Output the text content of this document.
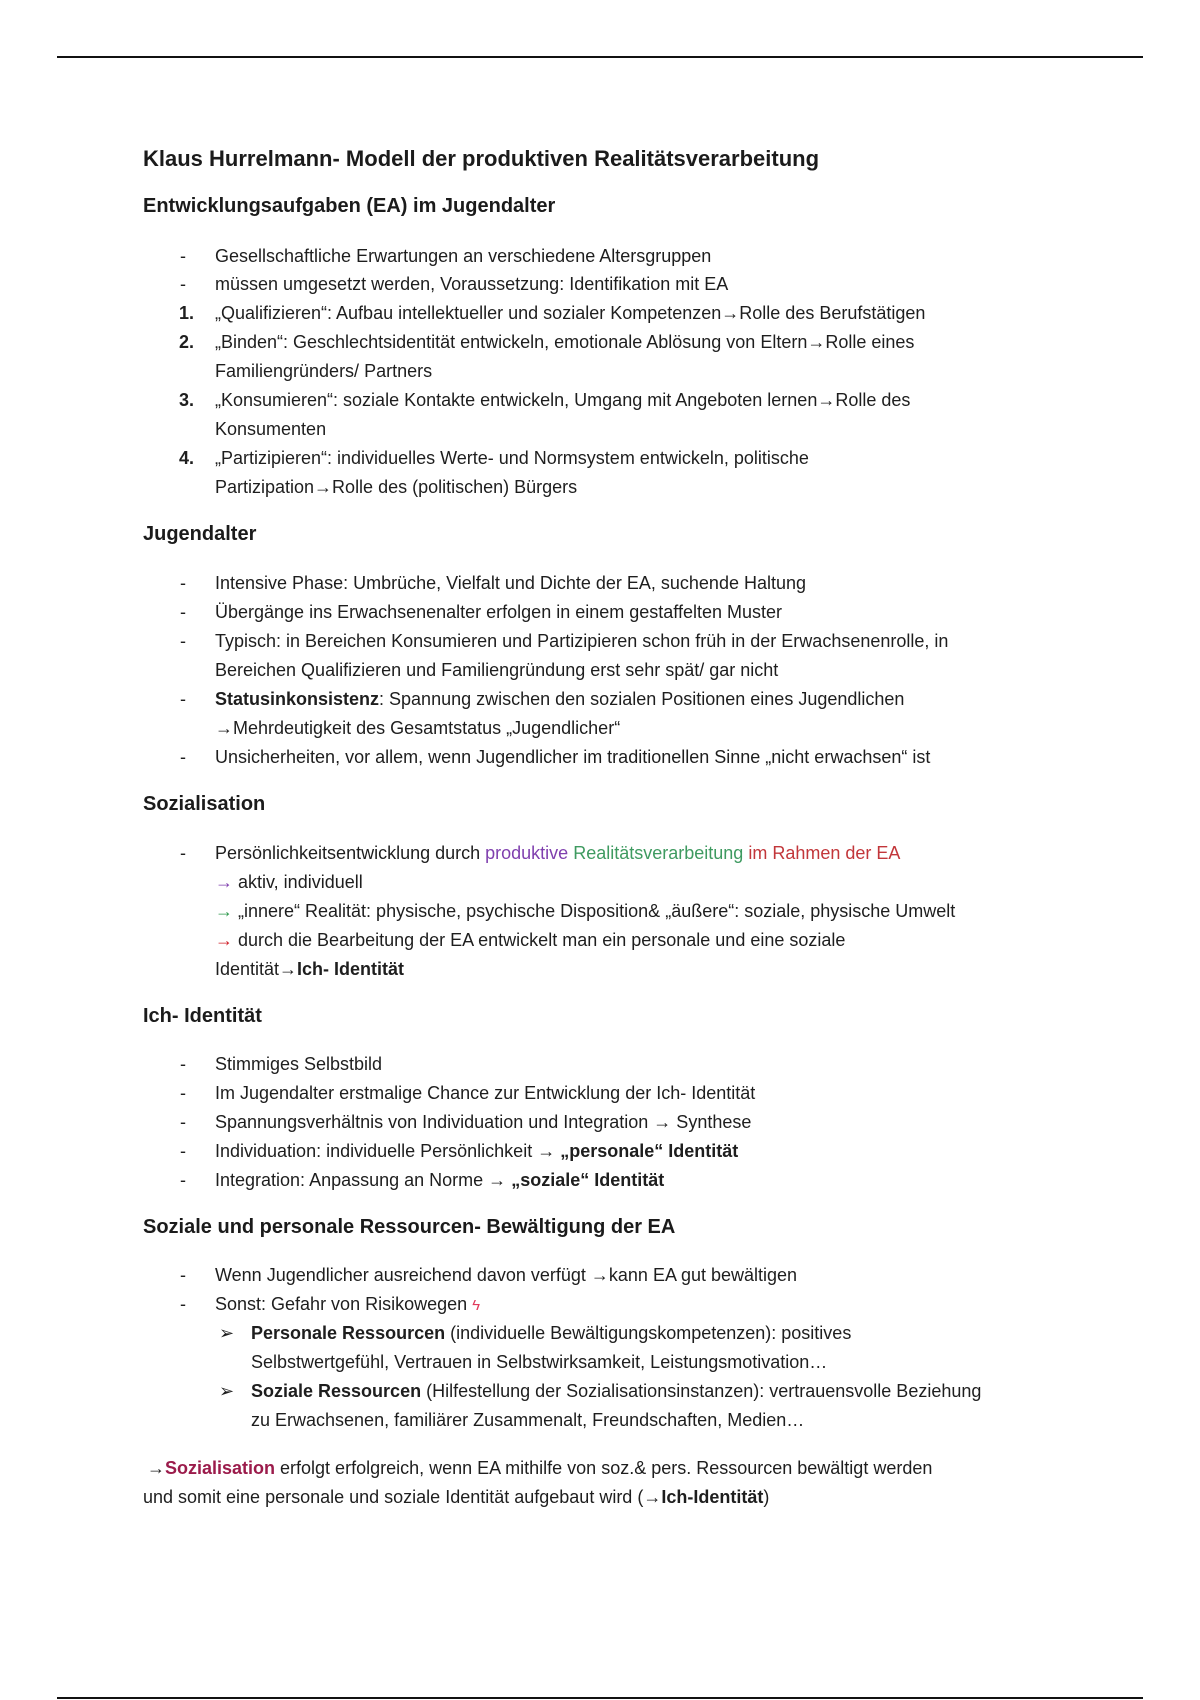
Klaus Hurrelmann- Modell der produktiven Realitätsverarbeitung
Entwicklungsaufgaben (EA) im Jugendalter
-	Gesellschaftliche Erwartungen an verschiedene Altersgruppen
-	müssen umgesetzt werden, Voraussetzung: Identifikation mit EA
1.	„Qualifizieren“: Aufbau intellektueller und sozialer Kompetenzen→Rolle des Berufstätigen
2.	„Binden“: Geschlechtsidentität entwickeln, emotionale Ablösung von Eltern→Rolle eines
Familiengründers/ Partners
3.	„Konsumieren“: soziale Kontakte entwickeln, Umgang mit Angeboten lernen→Rolle des
Konsumenten
4.	„Partizipieren“: individuelles Werte- und Normsystem entwickeln, politische
Partizipation→Rolle des (politischen) Bürgers
Jugendalter
-	Intensive Phase: Umbrüche, Vielfalt und Dichte der EA, suchende Haltung
-	Übergänge ins Erwachsenenalter erfolgen in einem gestaffelten Muster
-	Typisch: in Bereichen Konsumieren und Partizipieren schon früh in der Erwachsenenrolle, in
Bereichen Qualifizieren und Familiengründung erst sehr spät/ gar nicht
-	Statusinkonsistenz: Spannung zwischen den sozialen Positionen eines Jugendlichen
→Mehrdeutigkeit des Gesamtstatus „Jugendlicher“
-	Unsicherheiten, vor allem, wenn Jugendlicher im traditionellen Sinne „nicht erwachsen“ ist
Sozialisation
-	Persönlichkeitsentwicklung durch produktive Realitätsverarbeitung im Rahmen der EA
→ aktiv, individuell
→ „innere“ Realität: physische, psychische Disposition& „äußere“: soziale, physische Umwelt
→ durch die Bearbeitung der EA entwickelt man ein personale und eine soziale
Identität→Ich- Identität
Ich- Identität
-	Stimmiges Selbstbild
-	Im Jugendalter erstmalige Chance zur Entwicklung der Ich- Identität
-	Spannungsverhältnis von Individuation und Integration → Synthese
-	Individuation: individuelle Persönlichkeit → „personale“ Identität
-	Integration: Anpassung an Norme → „soziale“ Identität
Soziale und personale Ressourcen- Bewältigung der EA
-	Wenn Jugendlicher ausreichend davon verfügt →kann EA gut bewältigen
-	Sonst: Gefahr von Risikowegen ϟ
➢ Personale Ressourcen (individuelle Bewältigungskompetenzen): positives
Selbstwertgefühl, Vertrauen in Selbstwirksamkeit, Leistungsmotivation…
➢ Soziale Ressourcen (Hilfestellung der Sozialisationsinstanzen): vertrauensvolle Beziehung
zu Erwachsenen, familiärer Zusammenalt, Freundschaften, Medien…
→Sozialisation erfolgt erfolgreich, wenn EA mithilfe von soz.& pers. Ressourcen bewältigt werden
und somit eine personale und soziale Identität aufgebaut wird (→Ich-Identität)
